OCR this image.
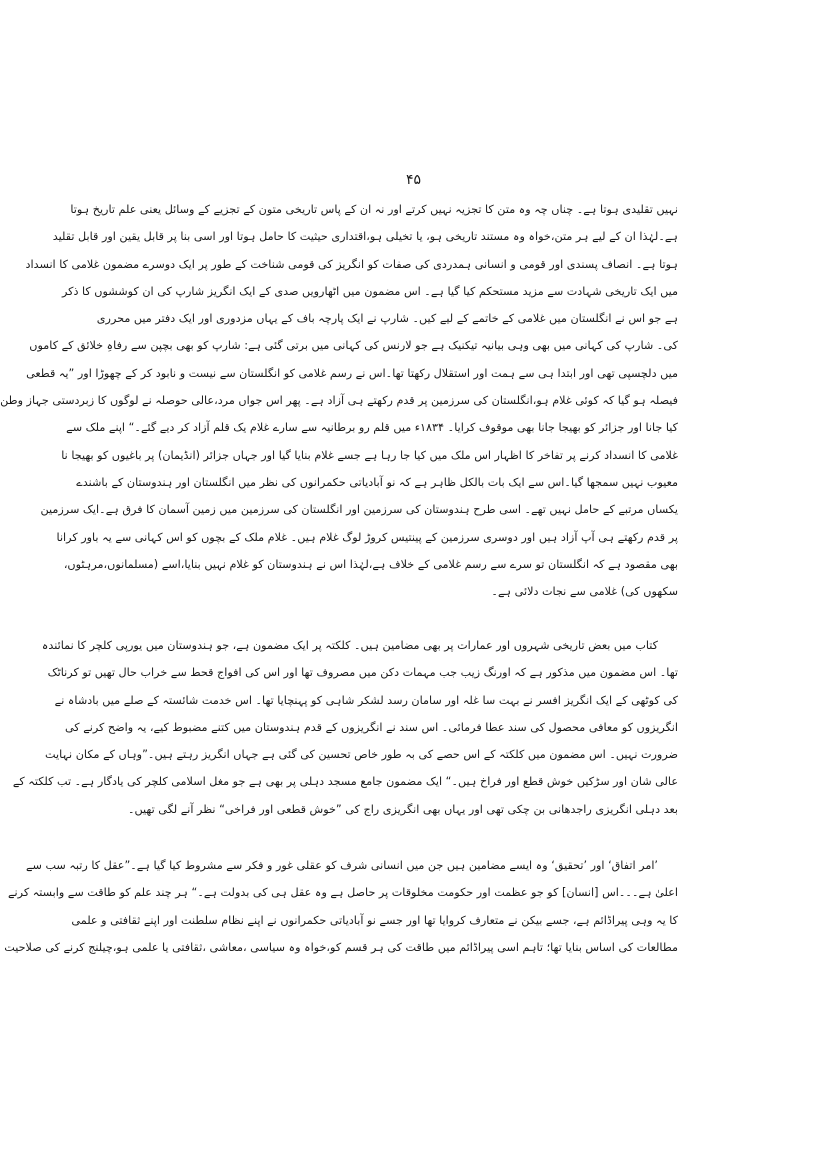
۴۵

نہیں تقلیدی ہوتا ہے۔ چناں چہ وہ متن کا تجزیہ نہیں کرتے اور نہ ان کے پاس تاریخی متون کے تجزیے کے وسائل یعنی علم تاریخ ہوتا
ہے۔لہٰذا ان کے لیے ہر متن،خواہ وہ مستند تاریخی ہو، یا تخیلی ہو،اقتداری حیثیت کا حامل ہوتا اور اسی بنا پر قابل یقین اور قابل تقلید
ہوتا ہے۔ انصاف پسندی اور قومی و انسانی ہمدردی کی صفات کو انگریز کی قومی شناخت کے طور پر ایک دوسرے مضمون غلامی کا انسداد
میں ایک تاریخی شہادت سے مزید مستحکم کیا گیا ہے۔ اس مضمون میں اٹھارویں صدی کے ایک انگریز شارپ کی ان کوششوں کا ذکر
ہے جو اس نے انگلستان میں غلامی کے خاتمے کے لیے کیں۔ شارپ نے ایک پارچہ باف کے یہاں مزدوری اور ایک دفتر میں محرری
کی۔ شارپ کی کہانی میں بھی وہی بیانیہ تیکنیک ہے جو لارنس کی کہانی میں برتی گئی ہے: شارپ کو بھی بچپن سے رفاہِ خلائق کے کاموں
میں دلچسپی تھی اور ابتدا ہی سے ہمت اور استقلال رکھتا تھا۔اس نے رسم غلامی کو انگلستان سے نیست و نابود کر کے چھوڑا اور ”یہ قطعی
فیصلہ ہو گیا کہ کوئی غلام ہو،انگلستان کی سرزمین پر قدم رکھتے ہی آزاد ہے۔ پھر اس جواں مرد،عالی حوصلہ نے لوگوں کا زبردستی جہاز وطن
کیا جانا اور جزائر کو بھیجا جانا بھی موقوف کرایا۔ ۱۸۳۴ء میں قلم رو برطانیہ سے سارے غلام یک قلم آزاد کر دیے گئے۔“ اپنے ملک سے
غلامی کا انسداد کرنے پر تفاخر کا اظہار اس ملک میں کیا جا رہا ہے جسے غلام بنایا گیا اور جہاں جزائر (انڈیمان) پر باغیوں کو بھیجا نا
معیوب نہیں سمجھا گیا۔اس سے ایک بات بالکل ظاہر ہے کہ نو آبادیاتی حکمرانوں کی نظر میں انگلستان اور ہندوستان کے باشندے
یکساں مرتبے کے حامل نہیں تھے۔ اسی طرح ہندوستان کی سرزمین اور انگلستان کی سرزمین میں زمین آسمان کا فرق ہے۔ایک سرزمین
پر قدم رکھتے ہی آپ آزاد ہیں اور دوسری سرزمین کے پینتیس کروڑ لوگ غلام ہیں۔ غلام ملک کے بچوں کو اس کہانی سے یہ باور کرانا
بھی مقصود ہے کہ انگلستان تو سرے سے رسم غلامی کے خلاف ہے،لہٰذا اس نے ہندوستان کو غلام نہیں بنایا،اسے (مسلمانوں،مرہٹوں،
سکھوں کی) غلامی سے نجات دلائی ہے۔

کتاب میں بعض تاریخی شہروں اور عمارات پر بھی مضامین ہیں۔ کلکتہ پر ایک مضمون ہے، جو ہندوستان میں یورپی کلچر کا نمائندہ
تھا۔ اس مضمون میں مذکور ہے کہ اورنگ زیب جب مہمات دکن میں مصروف تھا اور اس کی افواج قحط سے خراب حال تھیں تو کرناٹک
کی کوٹھی کے ایک انگریز افسر نے بہت سا غلہ اور سامان رسد لشکر شاہی کو پہنچایا تھا۔ اس خدمت شائستہ کے صلے میں بادشاہ نے
انگریزوں کو معافی محصول کی سند عطا فرمائی۔ اس سند نے انگریزوں کے قدم ہندوستان میں کتنے مضبوط کیے، یہ واضح کرنے کی
ضرورت نہیں۔ اس مضمون میں کلکتہ کے اس حصے کی بہ طور خاص تحسین کی گئی ہے جہاں انگریز رہتے ہیں۔”وہاں کے مکان نہایت
عالی شان اور سڑکیں خوش قطع اور فراخ ہیں۔“ ایک مضمون جامع مسجد دہلی پر بھی ہے جو مغل اسلامی کلچر کی یادگار ہے۔ تب کلکتہ کے
بعد دہلی انگریزی راجدھانی بن چکی تھی اور یہاں بھی انگریزی راج کی ”خوش قطعی اور فراخی“ نظر آنے لگی تھیں۔

’امر اتفاق‘ اور ’تحقیق‘ وہ ایسے مضامین ہیں جن میں انسانی شرف کو عقلی غور و فکر سے مشروط کیا گیا ہے۔”عقل کا رتبہ سب سے
اعلیٰ ہے۔۔۔اس [انسان] کو جو عظمت اور حکومت مخلوقات پر حاصل ہے وہ عقل ہی کی بدولت ہے۔“ ہر چند علم کو طاقت سے وابستہ کرنے
کا یہ وہی پیراڈائم ہے، جسے بیکن نے متعارف کروایا تھا اور جسے نو آبادیاتی حکمرانوں نے اپنے نظام سلطنت اور اپنے ثقافتی و علمی
مطالعات کی اساس بنایا تھا؛ تاہم اسی پیراڈائم میں طاقت کی ہر قسم کو،خواہ وہ سیاسی ،معاشی ،ثقافتی یا علمی ہو،چیلنج کرنے کی صلاحیت
